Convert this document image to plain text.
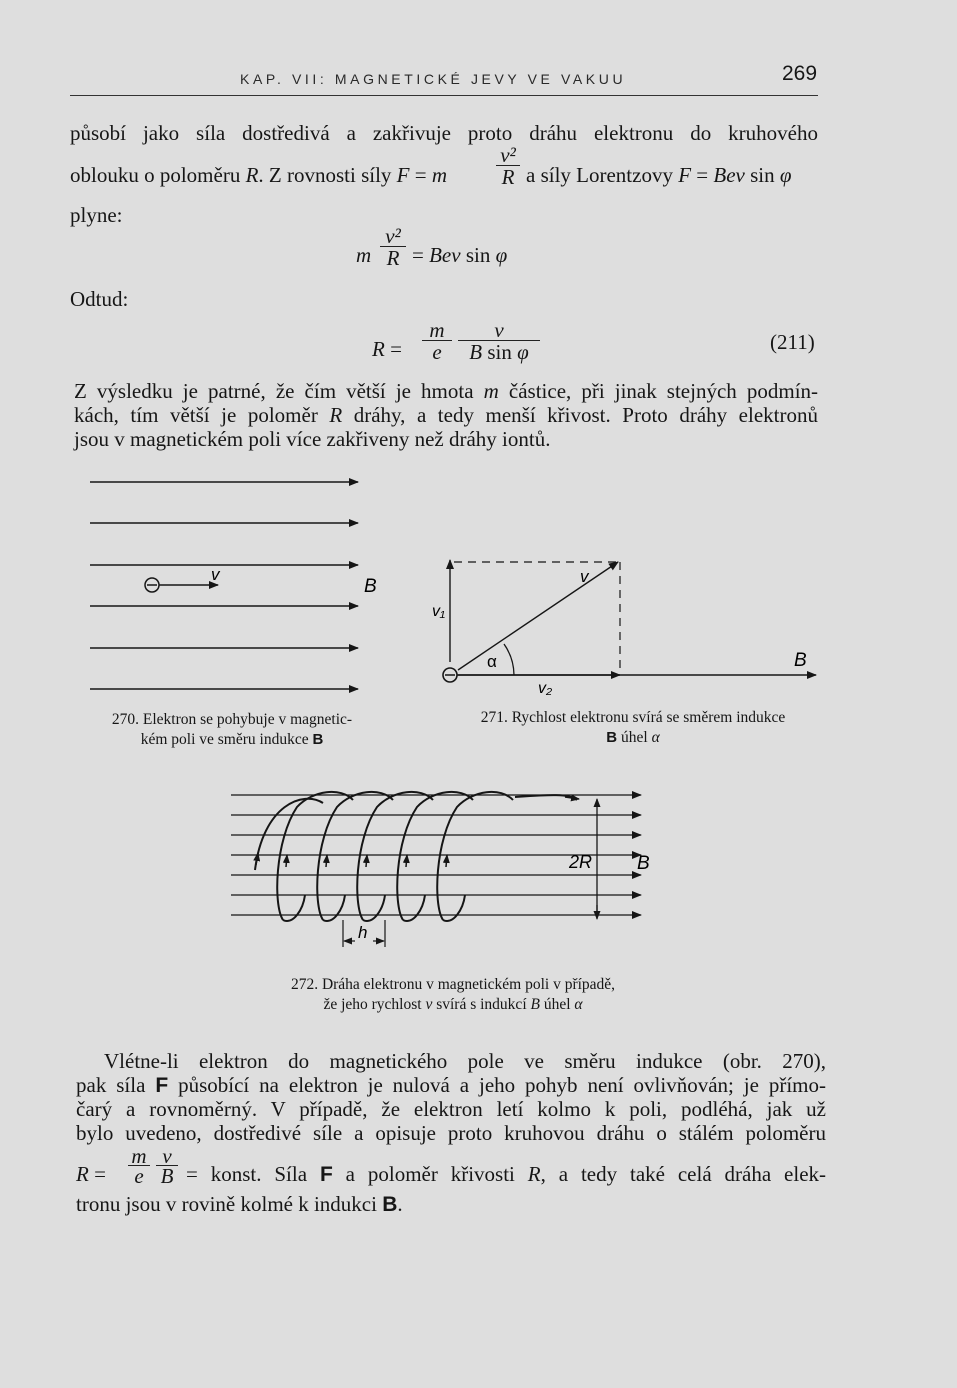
KAP. VII: MAGNETICKÉ JEVY VE VAKUU	269
působí jako síla dostředivá a zakřivuje proto dráhu elektronu do kruhového
oblouku o poloměru R. Z rovnosti síly F = m $\frac{\text{v²}}{R}$ a síly Lorentzovy F = Bev sin φ
plyne:
m $\frac{\text{v²}}{R}$ = Bev sin φ
Odtud:
$R = \frac{m}{e}$	v
B sin φ	(211)
Z výsledku je patrné, že čím větší je hmota m částice, při jinak stejných podmín-
kách, tím větší je poloměr R dráhy, a tedy menší křivost. Proto dráhy elektronů
jsou v magnetickém poli více zakřiveny než dráhy iontů.
v
B
270. Elektron se pohybuje v magnetic-
kém poli ve směru indukce B
v₁
v
α
v₂
B
271. Rychlost elektronu svírá se směrem indukce
B úhel α
2R B
h
272. Dráha elektronu v magnetickém poli v případě,
že jeho rychlost v svírá s indukcí B úhel α
Vlétne-li elektron do magnetického pole ve směru indukce (obr. 270),
pak síla F působící na elektron je nulová a jeho pohyb není ovlivňován; je přímo-
čarý a rovnoměrný. V případě, že elektron letí kolmo k poli, podléhá, jak už
bylo uvedeno, dostředivé síle a opisuje proto kruhovou dráhu o stálém poloměru
$R = \frac{m}{e} \frac{v}{B}$ = konst. Síla F a poloměr křivosti R, a tedy také celá dráha elek-
tronu jsou v rovině kolmé k indukci B.
